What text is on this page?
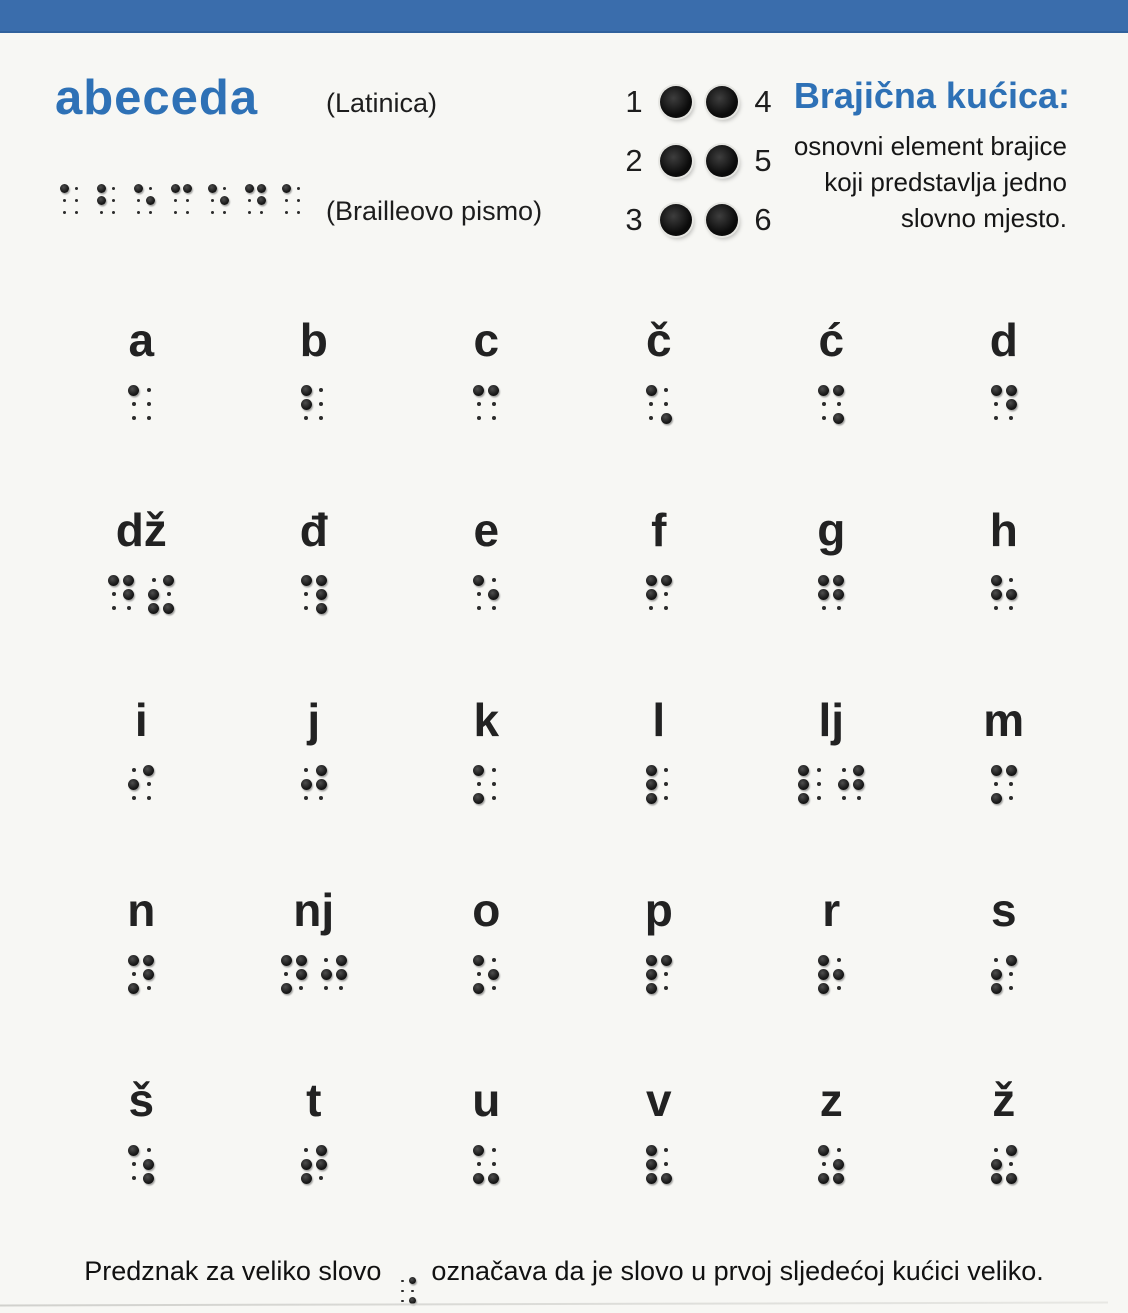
abeceda	(Latinica)
(Brailleovo pismo)
1	4
2	5
3	6
Brajična kućica:
osnovni element brajice
koji predstavlja jedno
slovno mjesto.
a	b	c	č	ć	d
dž	đ	e	f	g	h
i	j	k	l	lj	m
n	nj	o	p	r	s
š	t	u	v	z	ž
Predznak za veliko slovo označava da je slovo u prvoj sljedećoj kućici veliko.
